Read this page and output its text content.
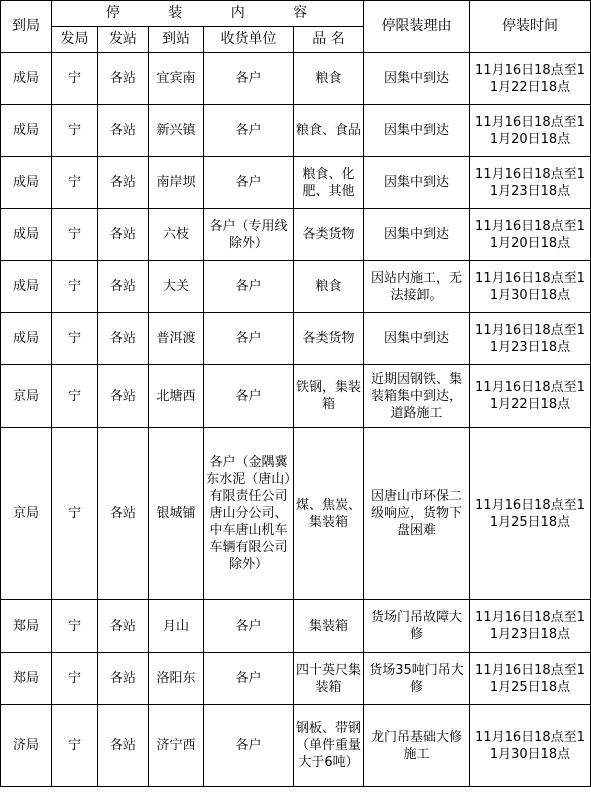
到局	停 装 内 容					停限装理由	停装时间
	发局	发站	到站	收货单位	品 名		
成局	宁	各站	宜宾南	各户	粮食	因集中到达	11月16日18点至11月22日18点
成局	宁	各站	新兴镇	各户	粮食、食品	因集中到达	11月16日18点至11月20日18点
成局	宁	各站	南岸坝	各户	粮食、化肥、其他	因集中到达	11月16日18点至11月23日18点
成局	宁	各站	六枝	各户（专用线除外）	各类货物	因集中到达	11月16日18点至11月20日18点
成局	宁	各站	大关	各户	粮食	因站内施工，无法接卸。	11月16日18点至11月30日18点
成局	宁	各站	普洱渡	各户	各类货物	因集中到达	11月16日18点至11月23日18点
京局	宁	各站	北塘西	各户	铁钢，集装箱	近期因钢铁、集装箱集中到达，道路施工	11月16日18点至11月22日18点
京局	宁	各站	银城铺	各户（金隅冀东水泥（唐山）有限责任公司唐山分公司、中车唐山机车车辆有限公司除外）	煤、焦炭、集装箱	因唐山市环保二级响应，货物下盘困难	11月16日18点至11月25日18点
郑局	宁	各站	月山	各户	集装箱	货场门吊故障大修	11月16日18点至11月23日18点
郑局	宁	各站	洛阳东	各户	四十英尺集装箱	货场35吨门吊大修	11月16日18点至11月25日18点
济局	宁	各站	济宁西	各户	钢板、带钢（单件重量大于6吨）	龙门吊基础大修施工	11月16日18点至11月30日18点
